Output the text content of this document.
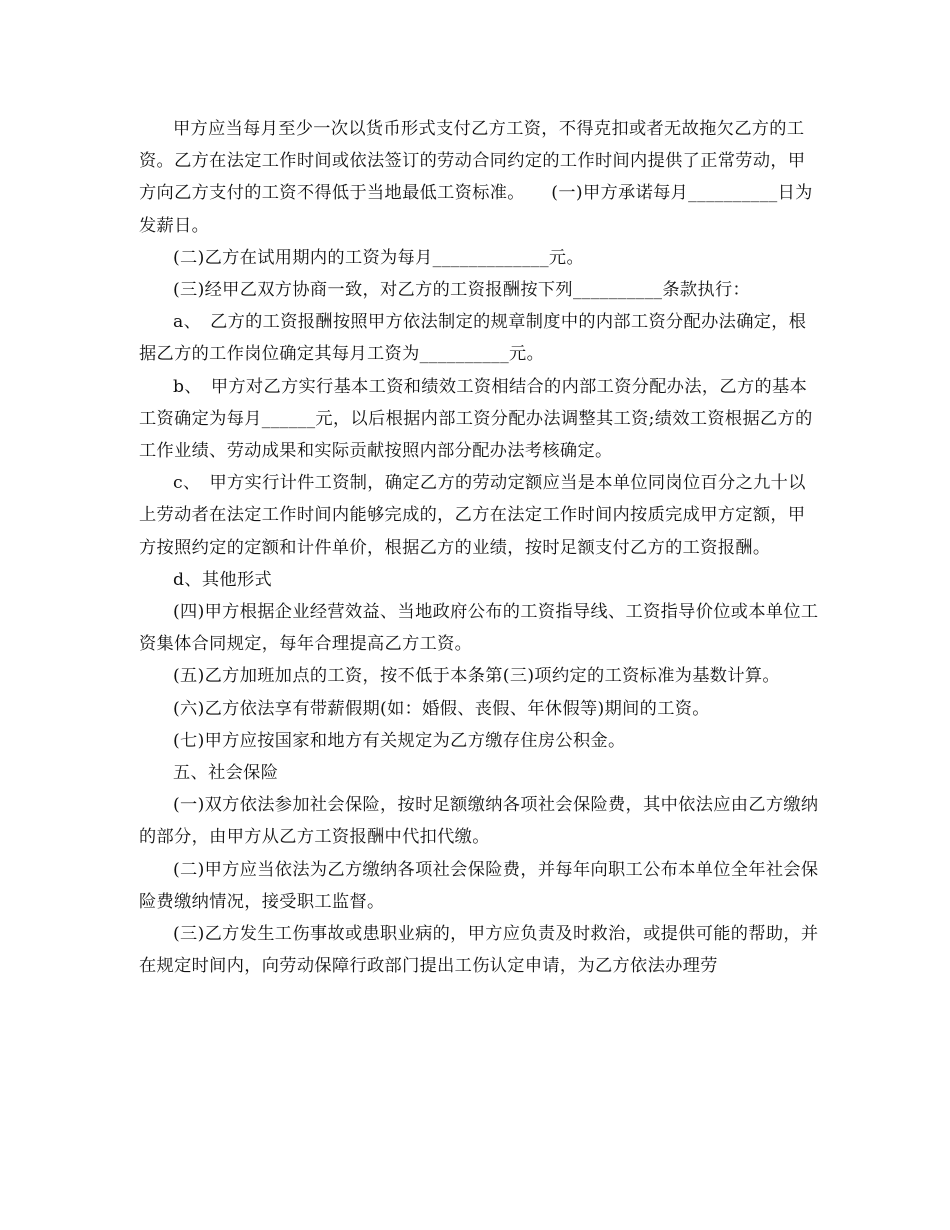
甲方应当每月至少一次以货币形式支付乙方工资，不得克扣或者无故拖欠乙方的工资。乙方在法定工作时间或依法签订的劳动合同约定的工作时间内提供了正常劳动，甲方向乙方支付的工资不得低于当地最低工资标准。　　(一)甲方承诺每月__________日为发薪日。

(二)乙方在试用期内的工资为每月_____________元。

(三)经甲乙双方协商一致，对乙方的工资报酬按下列__________条款执行：

a、　乙方的工资报酬按照甲方依法制定的规章制度中的内部工资分配办法确定，根据乙方的工作岗位确定其每月工资为__________元。

b、　甲方对乙方实行基本工资和绩效工资相结合的内部工资分配办法，乙方的基本工资确定为每月______元，以后根据内部工资分配办法调整其工资;绩效工资根据乙方的工作业绩、劳动成果和实际贡献按照内部分配办法考核确定。

c、　甲方实行计件工资制，确定乙方的劳动定额应当是本单位同岗位百分之九十以上劳动者在法定工作时间内能够完成的，乙方在法定工作时间内按质完成甲方定额，甲方按照约定的定额和计件单价，根据乙方的业绩，按时足额支付乙方的工资报酬。

d、其他形式

(四)甲方根据企业经营效益、当地政府公布的工资指导线、工资指导价位或本单位工资集体合同规定，每年合理提高乙方工资。

(五)乙方加班加点的工资，按不低于本条第(三)项约定的工资标准为基数计算。

(六)乙方依法享有带薪假期(如：婚假、丧假、年休假等)期间的工资。

(七)甲方应按国家和地方有关规定为乙方缴存住房公积金。

五、社会保险

(一)双方依法参加社会保险，按时足额缴纳各项社会保险费，其中依法应由乙方缴纳的部分，由甲方从乙方工资报酬中代扣代缴。

(二)甲方应当依法为乙方缴纳各项社会保险费，并每年向职工公布本单位全年社会保险费缴纳情况，接受职工监督。

(三)乙方发生工伤事故或患职业病的，甲方应负责及时救治，或提供可能的帮助，并在规定时间内，向劳动保障行政部门提出工伤认定申请，为乙方依法办理劳
